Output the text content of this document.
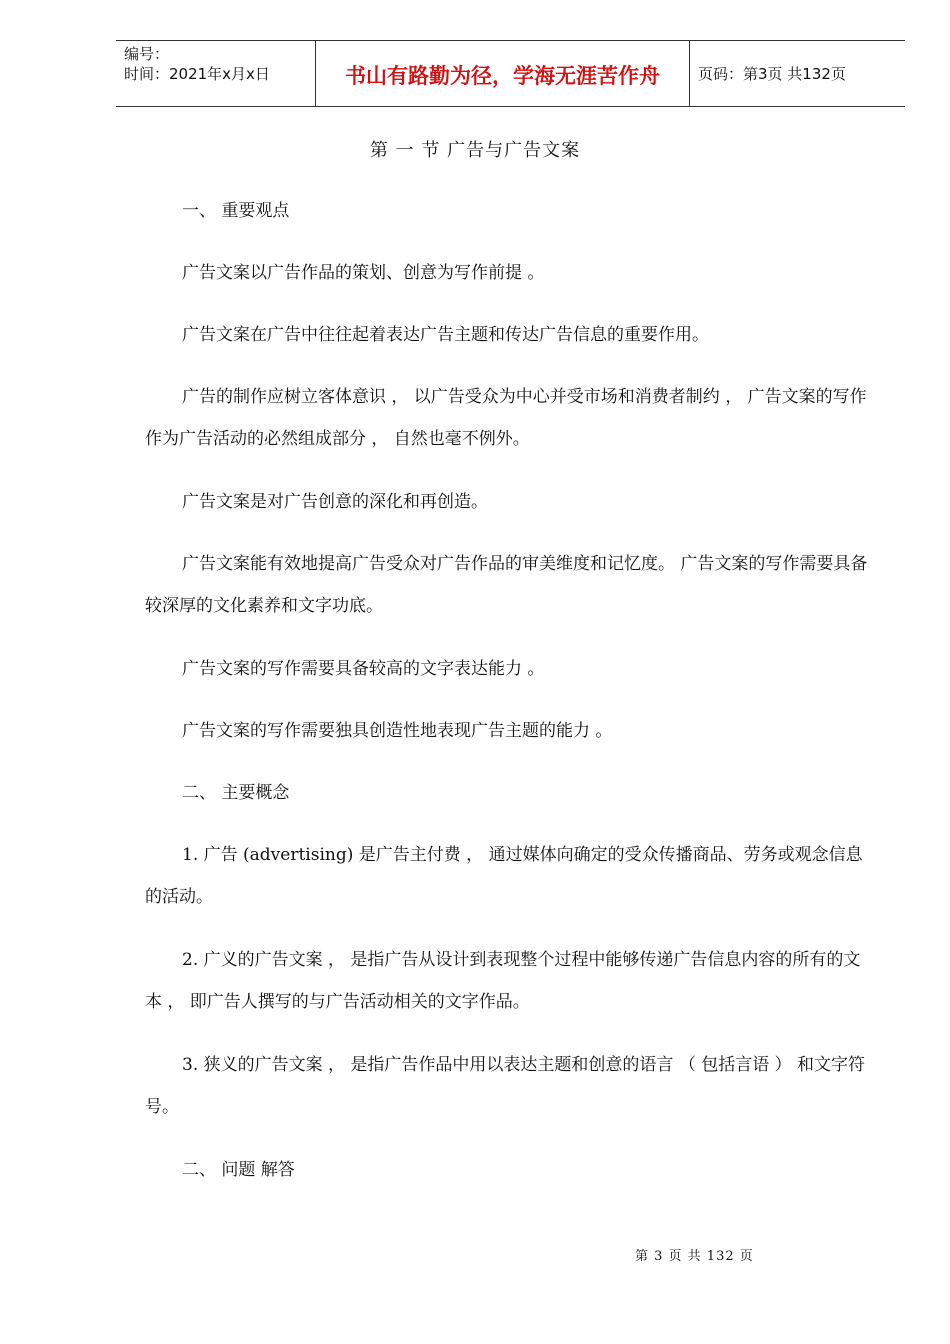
编号：
时间：2021年x月x日	书山有路勤为径，学海无涯苦作舟	页码：第3页 共132页
第 一 节 广告与广告文案
一、 重要观点
广告文案以广告作品的策划、创意为写作前提 。
广告文案在广告中往往起着表达广告主题和传达广告信息的重要作用。
广告的制作应树立客体意识 ， 以广告受众为中心并受市场和消费者制约 ， 广告文案的写作作为广告活动的必然组成部分 ， 自然也毫不例外。
广告文案是对广告创意的深化和再创造。
广告文案能有效地提高广告受众对广告作品的审美维度和记忆度。 广告文案的写作需要具备较深厚的文化素养和文字功底。
广告文案的写作需要具备较高的文字表达能力 。
广告文案的写作需要独具创造性地表现广告主题的能力 。
二、 主要概念
1. 广告 (advertising) 是广告主付费 ， 通过媒体向确定的受众传播商品、劳务或观念信息的活动。
2. 广义的广告文案 ， 是指广告从设计到表现整个过程中能够传递广告信息内容的所有的文本 ， 即广告人撰写的与广告活动相关的文字作品。
3. 狭义的广告文案 ， 是指广告作品中用以表达主题和创意的语言 （ 包括言语 ） 和文字符号。
二、 问题 解答
第 3 页 共 132 页
